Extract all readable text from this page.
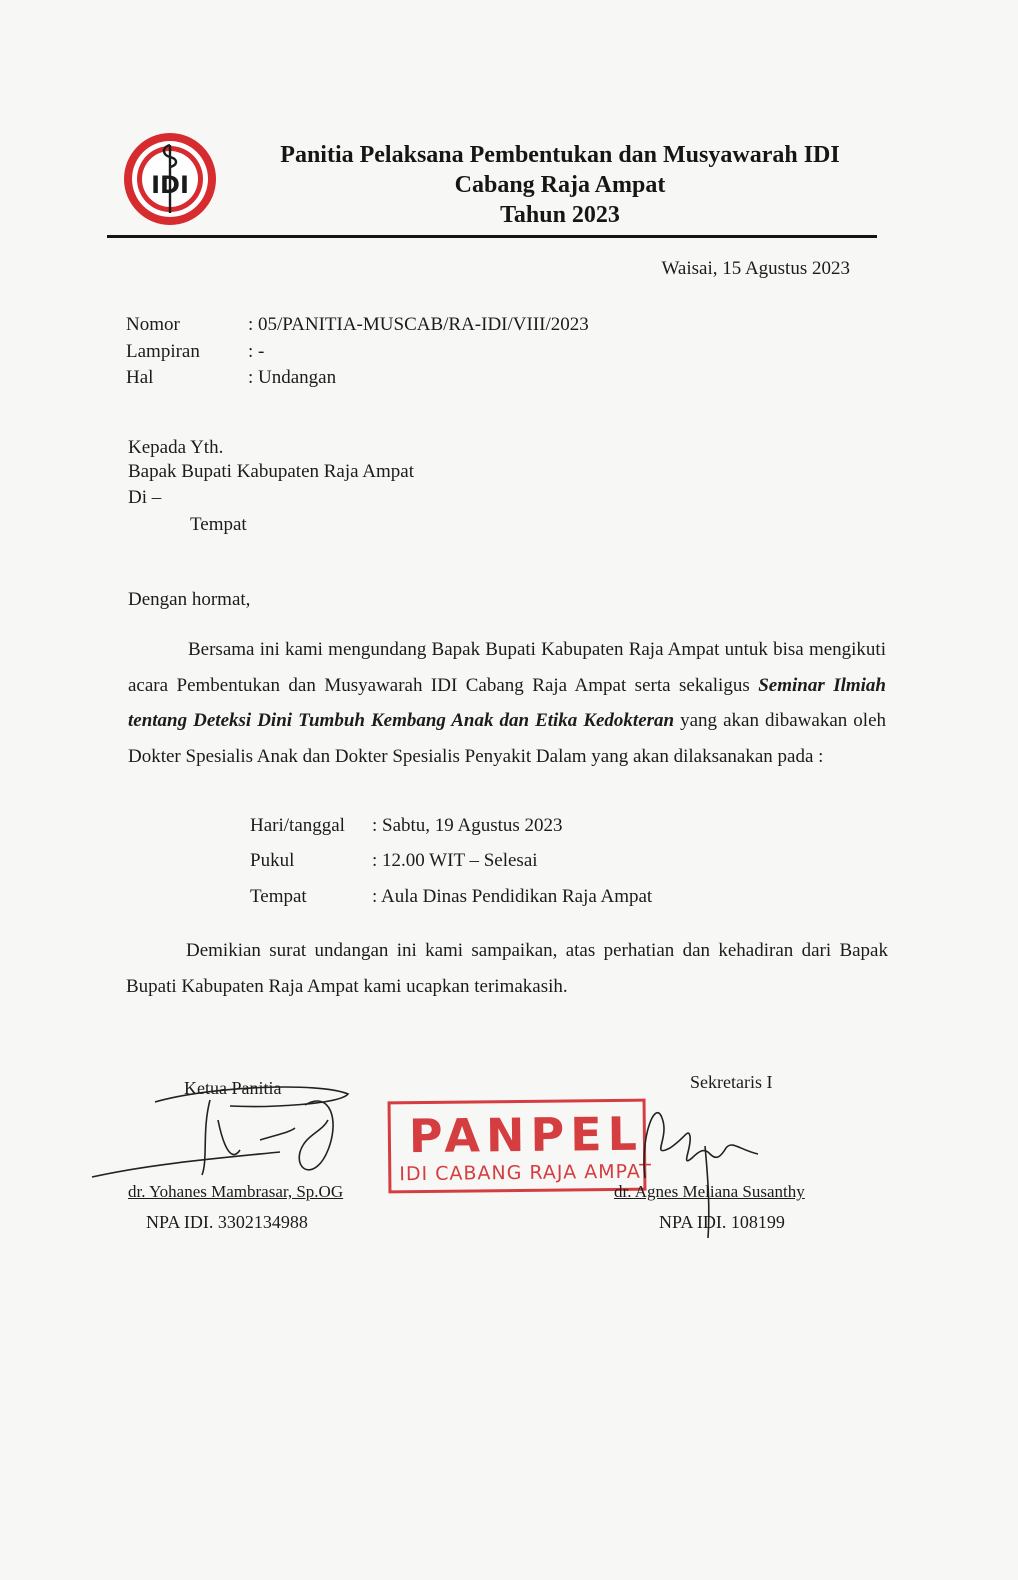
IDI
Panitia Pelaksana Pembentukan dan Musyawarah IDI
Cabang Raja Ampat
Tahun 2023
Waisai, 15 Agustus 2023
Nomor	: 05/PANITIA-MUSCAB/RA-IDI/VIII/2023
Lampiran	: -
Hal	: Undangan
Kepada Yth.
Bapak Bupati Kabupaten Raja Ampat
Di –
Tempat
Dengan hormat,
Bersama ini kami mengundang Bapak Bupati Kabupaten Raja Ampat untuk bisa mengikuti acara Pembentukan dan Musyawarah IDI Cabang Raja Ampat serta sekaligus Seminar Ilmiah tentang Deteksi Dini Tumbuh Kembang Anak dan Etika Kedokteran yang akan dibawakan oleh Dokter Spesialis Anak dan Dokter Spesialis Penyakit Dalam yang akan dilaksanakan pada :
Hari/tanggal : Sabtu, 19 Agustus 2023
Pukul	: 12.00 WIT – Selesai
Tempat	: Aula Dinas Pendidikan Raja Ampat
Demikian surat undangan ini kami sampaikan, atas perhatian dan kehadiran dari Bapak Bupati Kabupaten Raja Ampat kami ucapkan terimakasih.
Ketua Panitia
dr. Yohanes Mambrasar, Sp.OG
NPA IDI. 3302134988
PANPEL
IDI CABANG RAJA AMPAT
Sekretaris I
dr. Agnes Meliana Susanthy
NPA IDI. 108199
